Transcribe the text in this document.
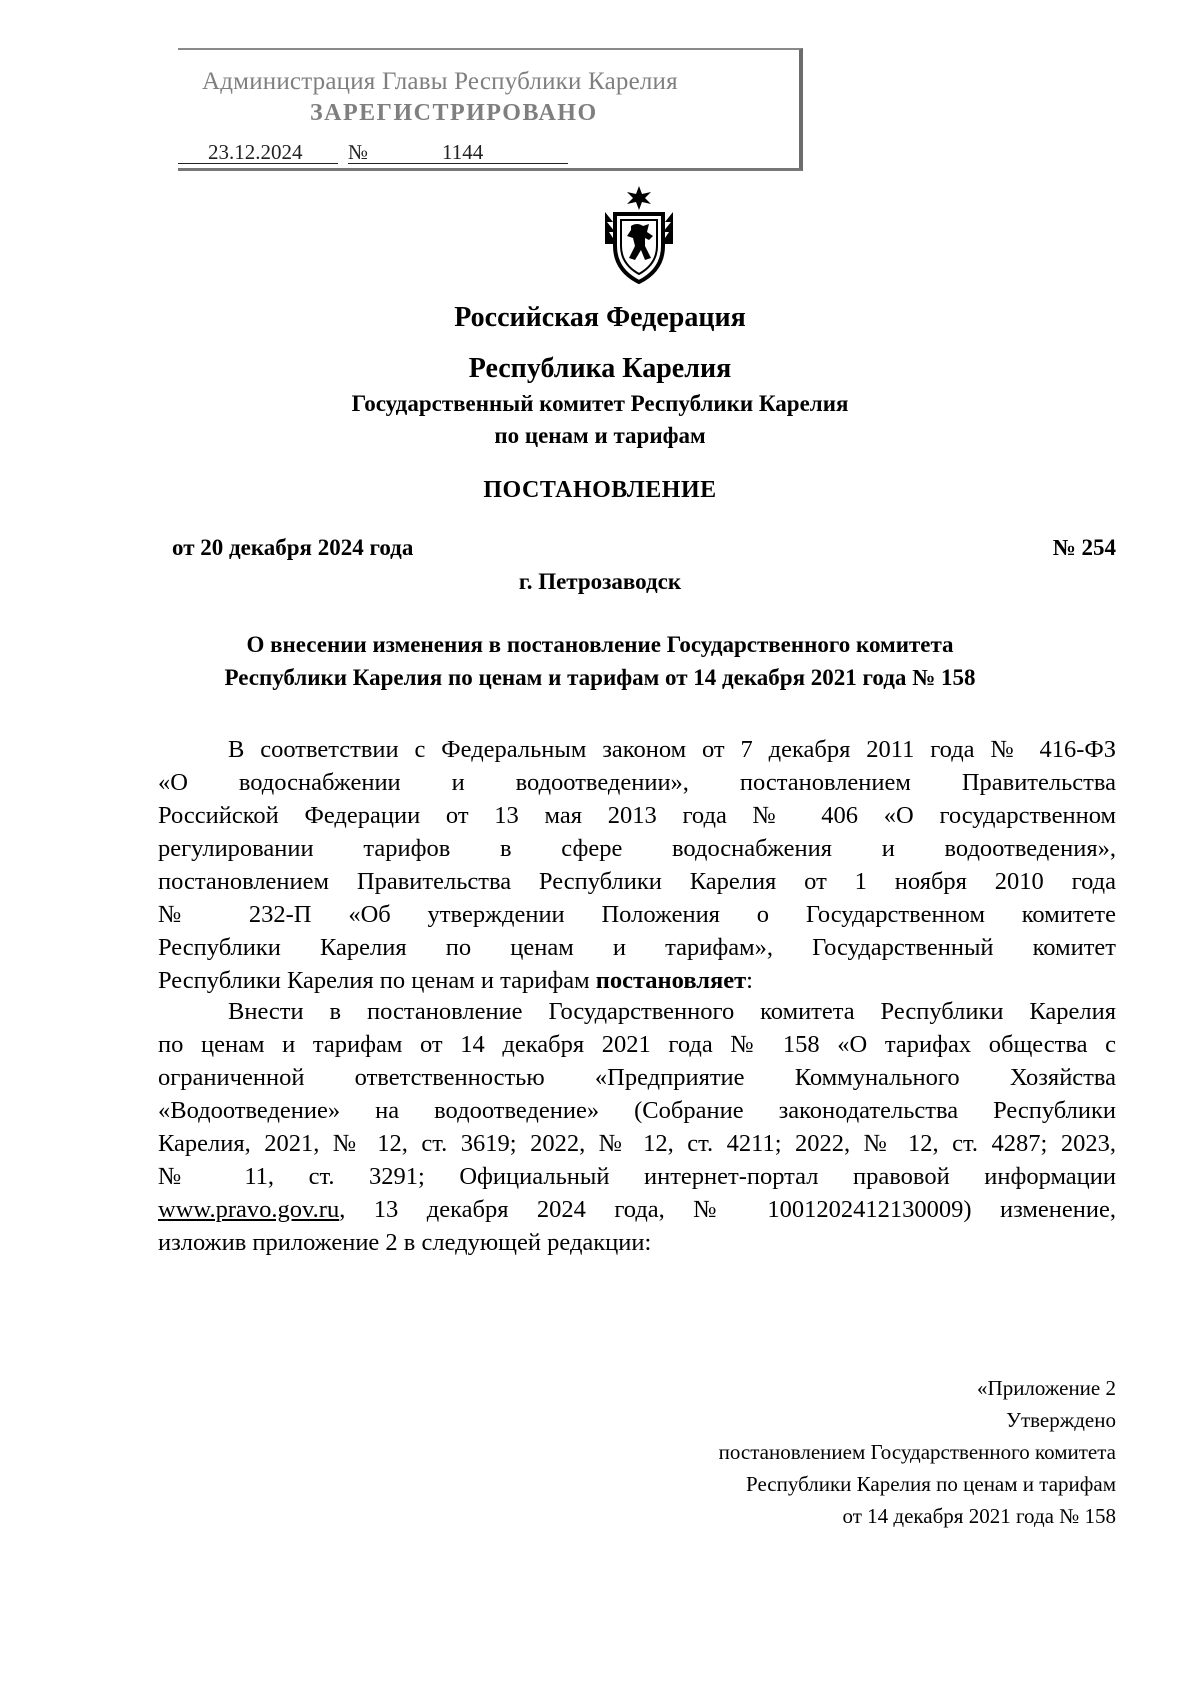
Администрация Главы Республики Карелия
ЗАРЕГИСТРИРОВАНО
23.12.2024 №	1144
Российская Федерация
Республика Карелия
Государственный комитет Республики Карелия
по ценам и тарифам
ПОСТАНОВЛЕНИЕ
от 20 декабря 2024 года	№ 254
г. Петрозаводск
О внесении изменения в постановление Государственного комитета
Республики Карелия по ценам и тарифам от 14 декабря 2021 года № 158
В соответствии с Федеральным законом от 7 декабря 2011 года № 416-ФЗ
«О водоснабжении и водоотведении», постановлением Правительства
Российской Федерации от 13 мая 2013 года № 406 «О государственном
регулировании тарифов в сфере водоснабжения и водоотведения»,
постановлением Правительства Республики Карелия от 1 ноября 2010 года
№ 232-П «Об утверждении Положения о Государственном комитете
Республики Карелия по ценам и тарифам», Государственный комитет
Республики Карелия по ценам и тарифам постановляет:
Внести в постановление Государственного комитета Республики Карелия
по ценам и тарифам от 14 декабря 2021 года № 158 «О тарифах общества с
ограниченной ответственностью «Предприятие Коммунального Хозяйства
«Водоотведение» на водоотведение» (Собрание законодательства Республики
Карелия, 2021, № 12, ст. 3619; 2022, № 12, ст. 4211; 2022, № 12, ст. 4287; 2023,
№ 11, ст. 3291; Официальный интернет-портал правовой информации
www.pravo.gov.ru, 13 декабря 2024 года, № 1001202412130009) изменение,
изложив приложение 2 в следующей редакции:
«Приложение 2
Утверждено
постановлением Государственного комитета
Республики Карелия по ценам и тарифам
от 14 декабря 2021 года № 158
